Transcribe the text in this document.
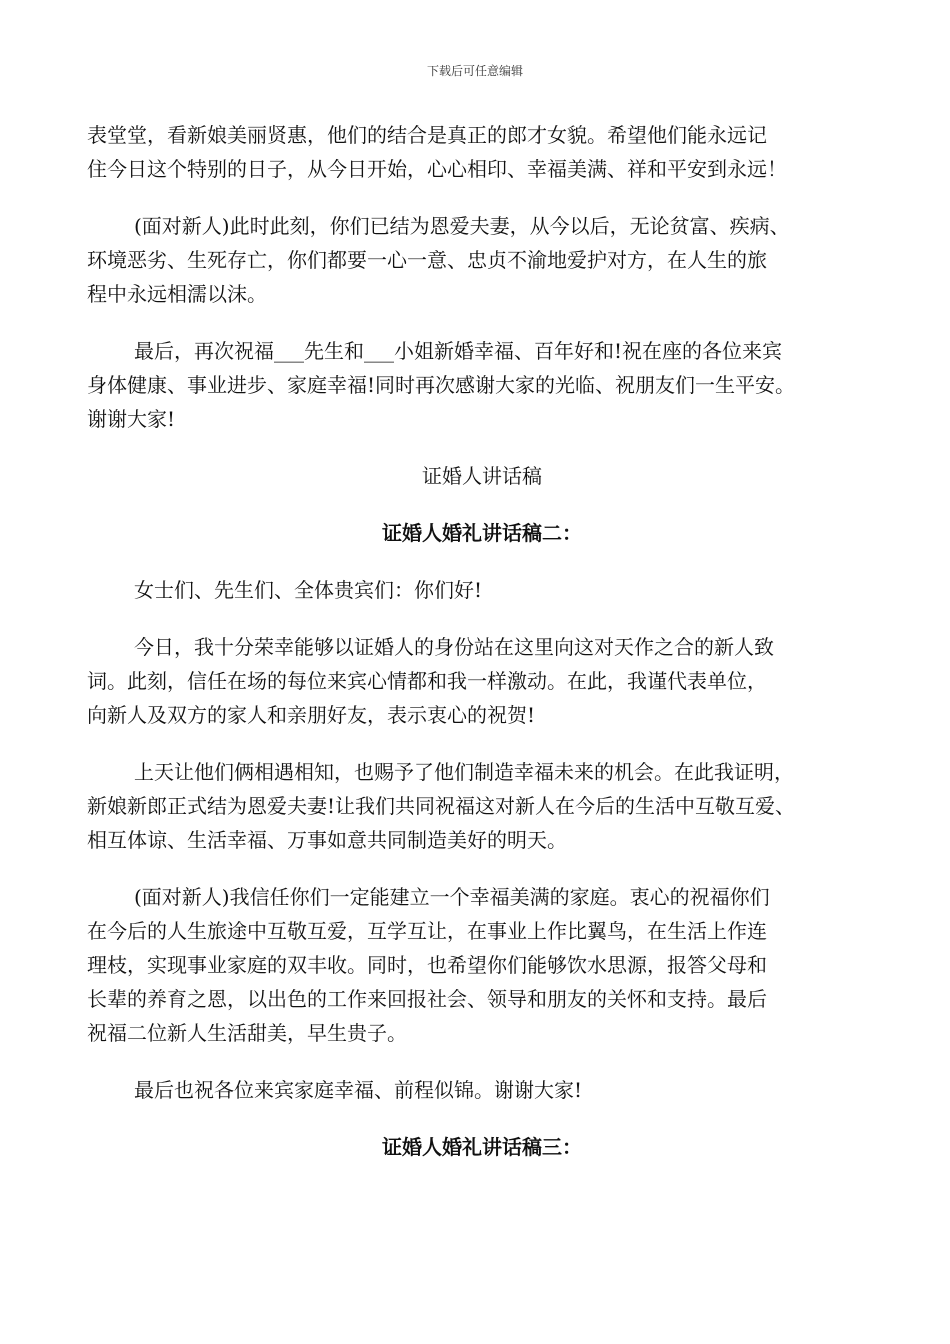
下载后可任意编辑
表堂堂，看新娘美丽贤惠，他们的结合是真正的郎才女貌。希望他们能永远记
住今日这个特别的日子，从今日开始，心心相印、幸福美满、祥和平安到永远！
(面对新人)此时此刻，你们已结为恩爱夫妻，从今以后，无论贫富、疾病、
环境恶劣、生死存亡，你们都要一心一意、忠贞不渝地爱护对方，在人生的旅
程中永远相濡以沫。
最后，再次祝福___先生和___小姐新婚幸福、百年好和!祝在座的各位来宾
身体健康、事业进步、家庭幸福!同时再次感谢大家的光临、祝朋友们一生平安。
谢谢大家!
证婚人讲话稿
证婚人婚礼讲话稿二：
女士们、先生们、全体贵宾们：你们好!
今日，我十分荣幸能够以证婚人的身份站在这里向这对天作之合的新人致
词。此刻，信任在场的每位来宾心情都和我一样激动。在此，我谨代表单位，
向新人及双方的家人和亲朋好友，表示衷心的祝贺!
上天让他们俩相遇相知，也赐予了他们制造幸福未来的机会。在此我证明，
新娘新郎正式结为恩爱夫妻!让我们共同祝福这对新人在今后的生活中互敬互爱、
相互体谅、生活幸福、万事如意共同制造美好的明天。
(面对新人)我信任你们一定能建立一个幸福美满的家庭。衷心的祝福你们
在今后的人生旅途中互敬互爱，互学互让，在事业上作比翼鸟，在生活上作连
理枝，实现事业家庭的双丰收。同时，也希望你们能够饮水思源，报答父母和
长辈的养育之恩，以出色的工作来回报社会、领导和朋友的关怀和支持。最后
祝福二位新人生活甜美，早生贵子。
最后也祝各位来宾家庭幸福、前程似锦。谢谢大家!
证婚人婚礼讲话稿三：
